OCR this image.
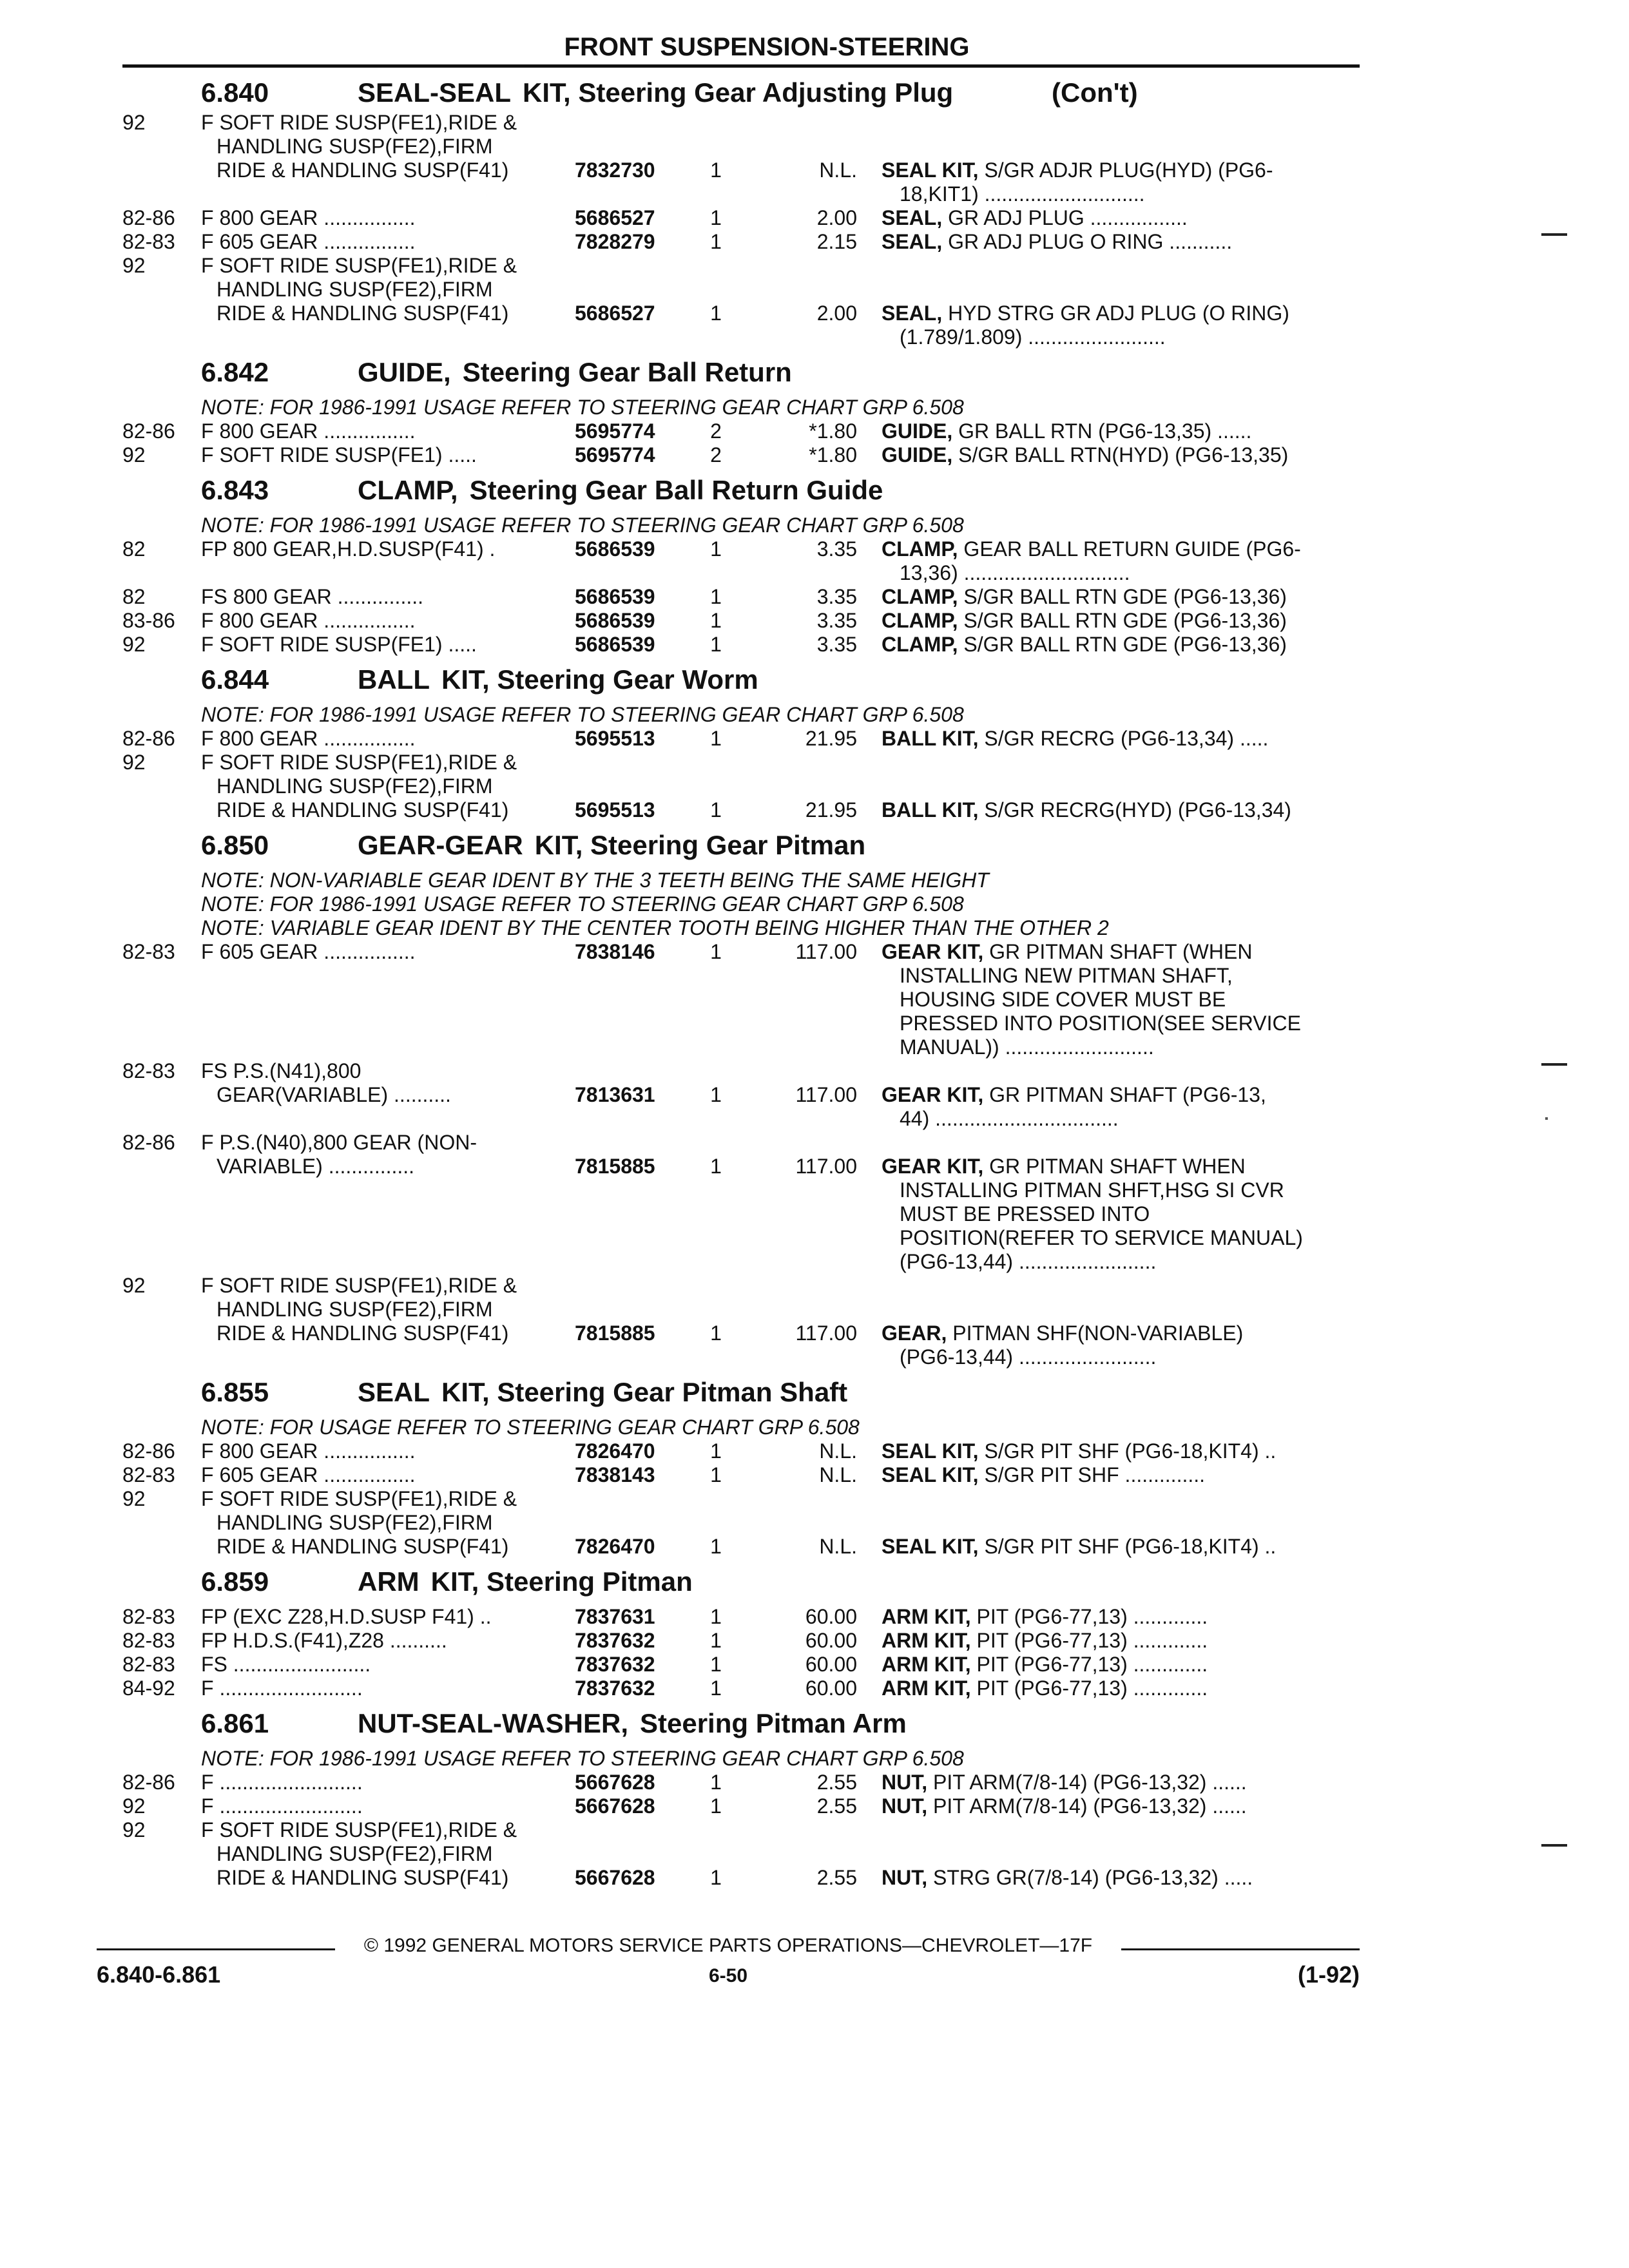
FRONT SUSPENSION-STEERING
6.840	SEAL-SEAL KIT, Steering Gear Adjusting Plug	(Con't)
92	F SOFT RIDE SUSP(FE1),RIDE &
HANDLING SUSP(FE2),FIRM
RIDE & HANDLING SUSP(F41)	7832730	1	N.L. SEAL KIT, S/GR ADJR PLUG(HYD) (PG6-
18,KIT1) ............................
82-86 F 800 GEAR ................	5686527	1	2.00 SEAL, GR ADJ PLUG .................
82-83 F 605 GEAR ................	7828279	1	2.15 SEAL, GR ADJ PLUG O RING ...........
92	F SOFT RIDE SUSP(FE1),RIDE &
HANDLING SUSP(FE2),FIRM
RIDE & HANDLING SUSP(F41)	5686527	1	2.00 SEAL, HYD STRG GR ADJ PLUG (O RING)
(1.789/1.809) ........................
6.842	GUIDE, Steering Gear Ball Return
NOTE: FOR 1986-1991 USAGE REFER TO STEERING GEAR CHART GRP 6.508
82-86 F 800 GEAR ................	5695774	2	*1.80 GUIDE, GR BALL RTN (PG6-13,35) ......
92	F SOFT RIDE SUSP(FE1) .....	5695774	2	*1.80 GUIDE, S/GR BALL RTN(HYD) (PG6-13,35)
6.843	CLAMP, Steering Gear Ball Return Guide
NOTE: FOR 1986-1991 USAGE REFER TO STEERING GEAR CHART GRP 6.508
82	FP 800 GEAR,H.D.SUSP(F41) .	5686539	1	3.35 CLAMP, GEAR BALL RETURN GUIDE (PG6-
13,36) .............................
82	FS 800 GEAR ...............	5686539	1	3.35 CLAMP, S/GR BALL RTN GDE (PG6-13,36)
83-86 F 800 GEAR ................	5686539	1	3.35 CLAMP, S/GR BALL RTN GDE (PG6-13,36)
92	F SOFT RIDE SUSP(FE1) .....	5686539	1	3.35 CLAMP, S/GR BALL RTN GDE (PG6-13,36)
6.844	BALL KIT, Steering Gear Worm
NOTE: FOR 1986-1991 USAGE REFER TO STEERING GEAR CHART GRP 6.508
82-86 F 800 GEAR ................	5695513	1	21.95 BALL KIT, S/GR RECRG (PG6-13,34) .....
92	F SOFT RIDE SUSP(FE1),RIDE &
HANDLING SUSP(FE2),FIRM
RIDE & HANDLING SUSP(F41)	5695513	1	21.95 BALL KIT, S/GR RECRG(HYD) (PG6-13,34)
6.850	GEAR-GEAR KIT, Steering Gear Pitman
NOTE: NON-VARIABLE GEAR IDENT BY THE 3 TEETH BEING THE SAME HEIGHT
NOTE: FOR 1986-1991 USAGE REFER TO STEERING GEAR CHART GRP 6.508
NOTE: VARIABLE GEAR IDENT BY THE CENTER TOOTH BEING HIGHER THAN THE OTHER 2
82-83 F 605 GEAR ................	7838146	1	117.00 GEAR KIT, GR PITMAN SHAFT (WHEN
INSTALLING NEW PITMAN SHAFT,
HOUSING SIDE COVER MUST BE
PRESSED INTO POSITION(SEE SERVICE
MANUAL)) ..........................
82-83 FS P.S.(N41),800
GEAR(VARIABLE) ..........	7813631	1	117.00 GEAR KIT, GR PITMAN SHAFT (PG6-13,
44) ................................
82-86 F P.S.(N40),800 GEAR (NON-
VARIABLE) ...............	7815885	1	117.00 GEAR KIT, GR PITMAN SHAFT WHEN
INSTALLING PITMAN SHFT,HSG SI CVR
MUST BE PRESSED INTO
POSITION(REFER TO SERVICE MANUAL)
(PG6-13,44) ........................
92	F SOFT RIDE SUSP(FE1),RIDE &
HANDLING SUSP(FE2),FIRM
RIDE & HANDLING SUSP(F41)	7815885	1	117.00 GEAR, PITMAN SHF(NON-VARIABLE)
(PG6-13,44) ........................
6.855	SEAL KIT, Steering Gear Pitman Shaft
NOTE: FOR USAGE REFER TO STEERING GEAR CHART GRP 6.508
82-86 F 800 GEAR ................	7826470	1	N.L. SEAL KIT, S/GR PIT SHF (PG6-18,KIT4) ..
82-83 F 605 GEAR ................	7838143	1	N.L. SEAL KIT, S/GR PIT SHF ..............
92	F SOFT RIDE SUSP(FE1),RIDE &
HANDLING SUSP(FE2),FIRM
RIDE & HANDLING SUSP(F41)	7826470	1	N.L. SEAL KIT, S/GR PIT SHF (PG6-18,KIT4) ..
6.859	ARM KIT, Steering Pitman
82-83 FP (EXC Z28,H.D.SUSP F41) ..	7837631	1	60.00 ARM KIT, PIT (PG6-77,13) .............
82-83 FP H.D.S.(F41),Z28 ..........	7837632	1	60.00 ARM KIT, PIT (PG6-77,13) .............
82-83 FS ........................	7837632	1	60.00 ARM KIT, PIT (PG6-77,13) .............
84-92 F .........................	7837632	1	60.00 ARM KIT, PIT (PG6-77,13) .............
6.861	NUT-SEAL-WASHER, Steering Pitman Arm
NOTE: FOR 1986-1991 USAGE REFER TO STEERING GEAR CHART GRP 6.508
82-86 F .........................	5667628	1	2.55 NUT, PIT ARM(7/8-14) (PG6-13,32) ......
92	F .........................	5667628	1	2.55 NUT, PIT ARM(7/8-14) (PG6-13,32) ......
92	F SOFT RIDE SUSP(FE1),RIDE &
HANDLING SUSP(FE2),FIRM
RIDE & HANDLING SUSP(F41)	5667628	1	2.55 NUT, STRG GR(7/8-14) (PG6-13,32) .....
© 1992 GENERAL MOTORS SERVICE PARTS OPERATIONS—CHEVROLET—17F
6.840-6.861	6-50	(1-92)
